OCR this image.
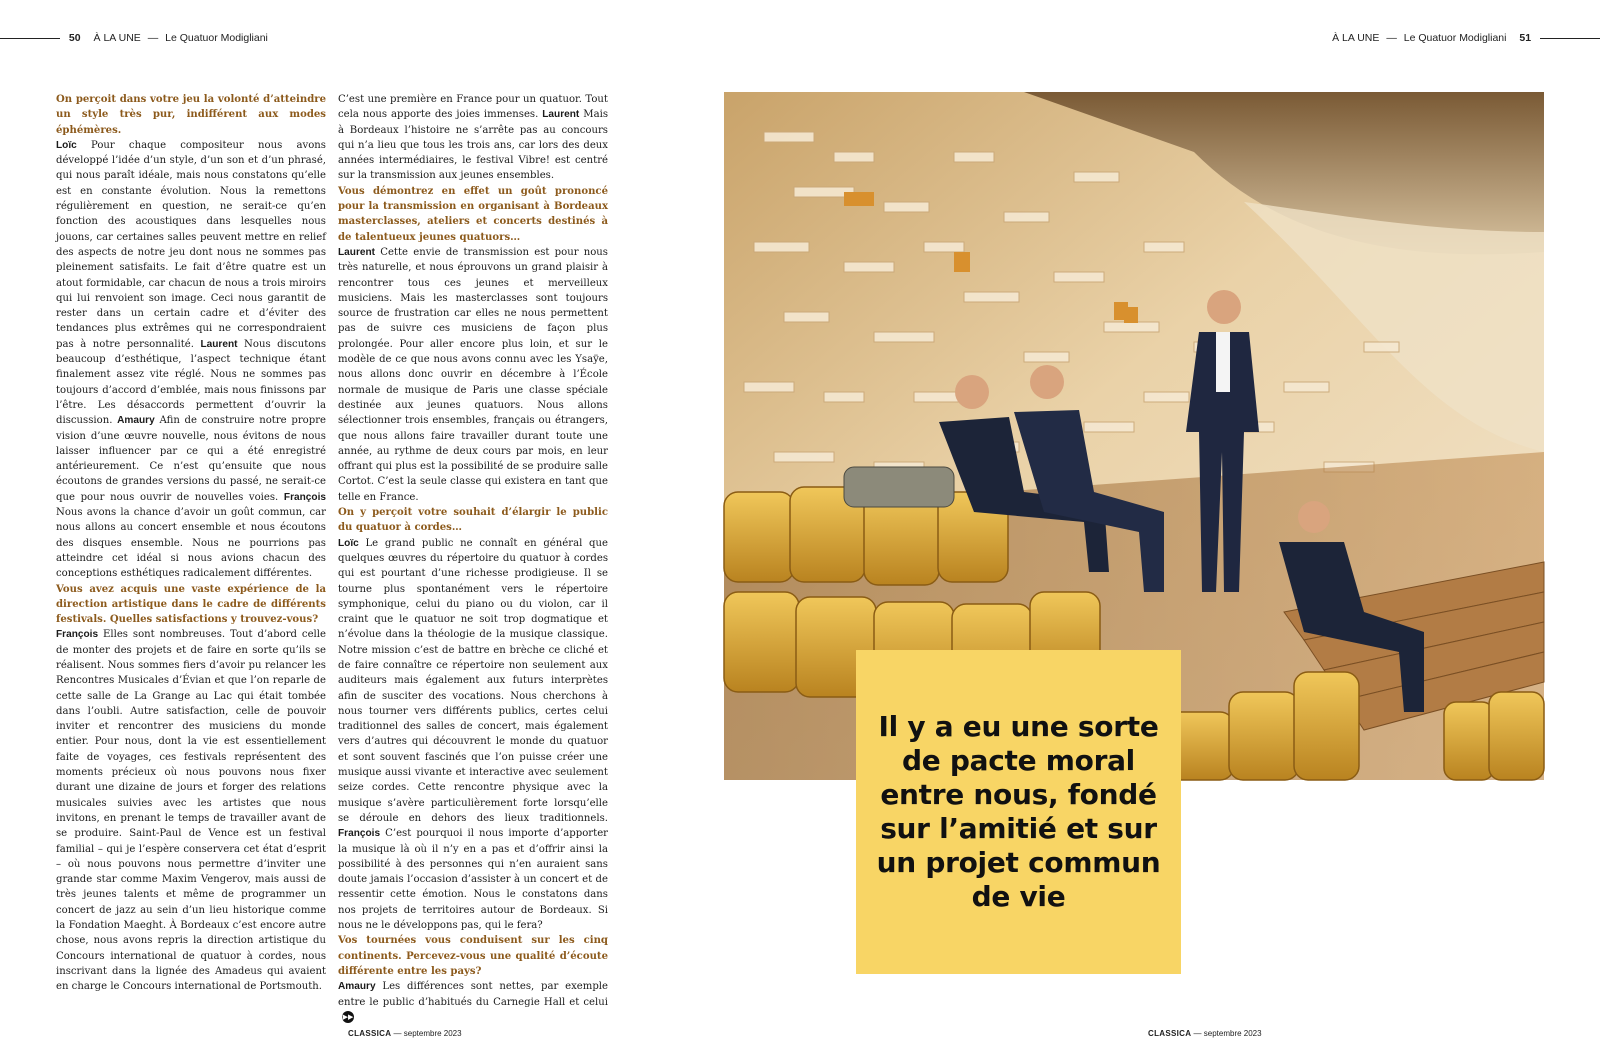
50 À LA UNE — Le Quatuor Modigliani	À LA UNE — Le Quatuor Modigliani 51
On perçoit dans votre jeu la volonté d’atteindre un style très pur, indifférent aux modes éphémères.

Loïc Pour chaque compositeur nous avons développé l’idée d’un style, d’un son et d’un phrasé, qui nous paraît idéale, mais nous constatons qu’elle est en constante évolution. Nous la remettons régulièrement en question, ne serait-ce qu’en fonction des acoustiques dans lesquelles nous jouons, car certaines salles peuvent mettre en relief des aspects de notre jeu dont nous ne sommes pas pleinement satisfaits. Le fait d’être quatre est un atout formidable, car chacun de nous a trois miroirs qui lui renvoient son image. Ceci nous garantit de rester dans un certain cadre et d’éviter des tendances plus extrêmes qui ne correspondraient pas à notre personnalité. Laurent Nous discutons beaucoup d’esthétique, l’aspect technique étant finalement assez vite réglé. Nous ne sommes pas toujours d’accord d’emblée, mais nous finissons par l’être. Les désaccords permettent d’ouvrir la discussion. Amaury Afin de construire notre propre vision d’une œuvre nouvelle, nous évitons de nous laisser influencer par ce qui a été enregistré antérieurement. Ce n’est qu’ensuite que nous écoutons de grandes versions du passé, ne serait-ce que pour nous ouvrir de nouvelles voies. François Nous avons la chance d’avoir un goût commun, car nous allons au concert ensemble et nous écoutons des disques ensemble. Nous ne pourrions pas atteindre cet idéal si nous avions chacun des conceptions esthétiques radicalement différentes.

Vous avez acquis une vaste expérience de la direction artistique dans le cadre de différents festivals. Quelles satisfactions y trouvez-vous?

François Elles sont nombreuses. Tout d’abord celle de monter des projets et de faire en sorte qu’ils se réalisent. Nous sommes fiers d’avoir pu relancer les Rencontres Musicales d’Évian et que l’on reparle de cette salle de La Grange au Lac qui était tombée dans l’oubli. Autre satisfaction, celle de pouvoir inviter et rencontrer des musiciens du monde entier. Pour nous, dont la vie est essentiellement faite de voyages, ces festivals représentent des moments précieux où nous pouvons nous fixer durant une dizaine de jours et forger des relations musicales suivies avec les artistes que nous invitons, en prenant le temps de travailler avant de se produire. Saint-Paul de Vence est un festival familial – qui je l’espère conservera cet état d’esprit – où nous pouvons nous permettre d’inviter une grande star comme Maxim Vengerov, mais aussi de très jeunes talents et même de programmer un concert de jazz au sein d’un lieu historique comme la Fondation Maeght. À Bordeaux c’est encore autre chose, nous avons repris la direction artistique du Concours international de quatuor à cordes, nous inscrivant dans la lignée des Amadeus qui avaient en charge le Concours international de Portsmouth.

C’est une première en France pour un quatuor. Tout cela nous apporte des joies immenses. Laurent Mais à Bordeaux l’histoire ne s’arrête pas au concours qui n’a lieu que tous les trois ans, car lors des deux années intermédiaires, le festival Vibre! est centré sur la transmission aux jeunes ensembles.

Vous démontrez en effet un goût prononcé pour la transmission en organisant à Bordeaux masterclasses, ateliers et concerts destinés à de talentueux jeunes quatuors…

Laurent Cette envie de transmission est pour nous très naturelle, et nous éprouvons un grand plaisir à rencontrer tous ces jeunes et merveilleux musiciens. Mais les masterclasses sont toujours source de frustration car elles ne nous permettent pas de suivre ces musiciens de façon plus prolongée. Pour aller encore plus loin, et sur le modèle de ce que nous avons connu avec les Ysaÿe, nous allons donc ouvrir en décembre à l’École normale de musique de Paris une classe spéciale destinée aux jeunes quatuors. Nous allons sélectionner trois ensembles, français ou étrangers, que nous allons faire travailler durant toute une année, au rythme de deux cours par mois, en leur offrant qui plus est la possibilité de se produire salle Cortot. C’est la seule classe qui existera en tant que telle en France.

On y perçoit votre souhait d’élargir le public du quatuor à cordes…

Loïc Le grand public ne connaît en général que quelques œuvres du répertoire du quatuor à cordes qui est pourtant d’une richesse prodigieuse. Il se tourne plus spontanément vers le répertoire symphonique, celui du piano ou du violon, car il craint que le quatuor ne soit trop dogmatique et n’évolue dans la théologie de la musique classique. Notre mission c’est de battre en brèche ce cliché et de faire connaître ce répertoire non seulement aux auditeurs mais également aux futurs interprètes afin de susciter des vocations. Nous cherchons à nous tourner vers différents publics, certes celui traditionnel des salles de concert, mais également vers d’autres qui découvrent le monde du quatuor et sont souvent fascinés que l’on puisse créer une musique aussi vivante et interactive avec seulement seize cordes. Cette rencontre physique avec la musique s’avère particulièrement forte lorsqu’elle se déroule en dehors des lieux traditionnels. François C’est pourquoi il nous importe d’apporter la musique là où il n’y en a pas et d’offrir ainsi la possibilité à des personnes qui n’en auraient sans doute jamais l’occasion d’assister à un concert et de ressentir cette émotion. Nous le constatons dans nos projets de territoires autour de Bordeaux. Si nous ne le développons pas, qui le fera?

Vos tournées vous conduisent sur les cinq continents. Percevez-vous une qualité d’écoute différente entre les pays?

Amaury Les différences sont nettes, par exemple entre le public d’habitués du Carnegie Hall et celui ▶▶

Il y a eu une sorte de pacte moral entre nous, fondé sur l’amitié et sur un projet commun de vie
CLASSICA — septembre 2023	CLASSICA — septembre 2023
